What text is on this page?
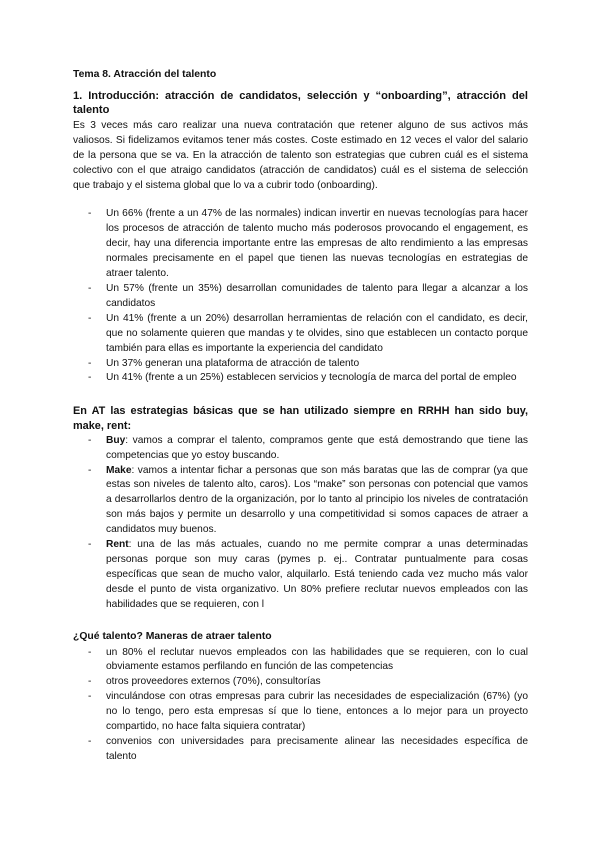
Tema 8. Atracción del talento

1. Introducción: atracción de candidatos, selección y “onboarding”, atracción del talento

Es 3 veces más caro realizar una nueva contratación que retener alguno de sus activos más valiosos. Si fidelizamos evitamos tener más costes. Coste estimado en 12 veces el valor del salario de la persona que se va. En la atracción de talento son estrategias que cubren cuál es el sistema colectivo con el que atraigo candidatos (atracción de candidatos) cuál es el sistema de selección que trabajo y el sistema global que lo va a cubrir todo (onboarding).

- Un 66% (frente a un 47% de las normales) indican invertir en nuevas tecnologías para hacer los procesos de atracción de talento mucho más poderosos provocando el engagement, es decir, hay una diferencia importante entre las empresas de alto rendimiento a las empresas normales precisamente en el papel que tienen las nuevas tecnologías en estrategias de atraer talento.
- Un 57% (frente un 35%) desarrollan comunidades de talento para llegar a alcanzar a los candidatos
- Un 41% (frente a un 20%) desarrollan herramientas de relación con el candidato, es decir, que no solamente quieren que mandas y te olvides, sino que establecen un contacto porque también para ellas es importante la experiencia del candidato
- Un 37% generan una plataforma de atracción de talento
- Un 41% (frente a un 25%) establecen servicios y tecnología de marca del portal de empleo

En AT las estrategias básicas que se han utilizado siempre en RRHH han sido buy, make, rent:

- Buy: vamos a comprar el talento, compramos gente que está demostrando que tiene las competencias que yo estoy buscando.
- Make: vamos a intentar fichar a personas que son más baratas que las de comprar (ya que estas son niveles de talento alto, caros). Los “make” son personas con potencial que vamos a desarrollarlos dentro de la organización, por lo tanto al principio los niveles de contratación son más bajos y permite un desarrollo y una competitividad si somos capaces de atraer a candidatos muy buenos.
- Rent: una de las más actuales, cuando no me permite comprar a unas determinadas personas porque son muy caras (pymes p. ej.. Contratar puntualmente para cosas específicas que sean de mucho valor, alquilarlo. Está teniendo cada vez mucho más valor desde el punto de vista organizativo. Un 80% prefiere reclutar nuevos empleados con las habilidades que se requieren, con l

¿Qué talento? Maneras de atraer talento

- un 80% el reclutar nuevos empleados con las habilidades que se requieren, con lo cual obviamente estamos perfilando en función de las competencias
- otros proveedores externos (70%), consultorías
- vinculándose con otras empresas para cubrir las necesidades de especialización (67%) (yo no lo tengo, pero esta empresas sí que lo tiene, entonces a lo mejor para un proyecto compartido, no hace falta siquiera contratar)
- convenios con universidades para precisamente alinear las necesidades específica de talento
